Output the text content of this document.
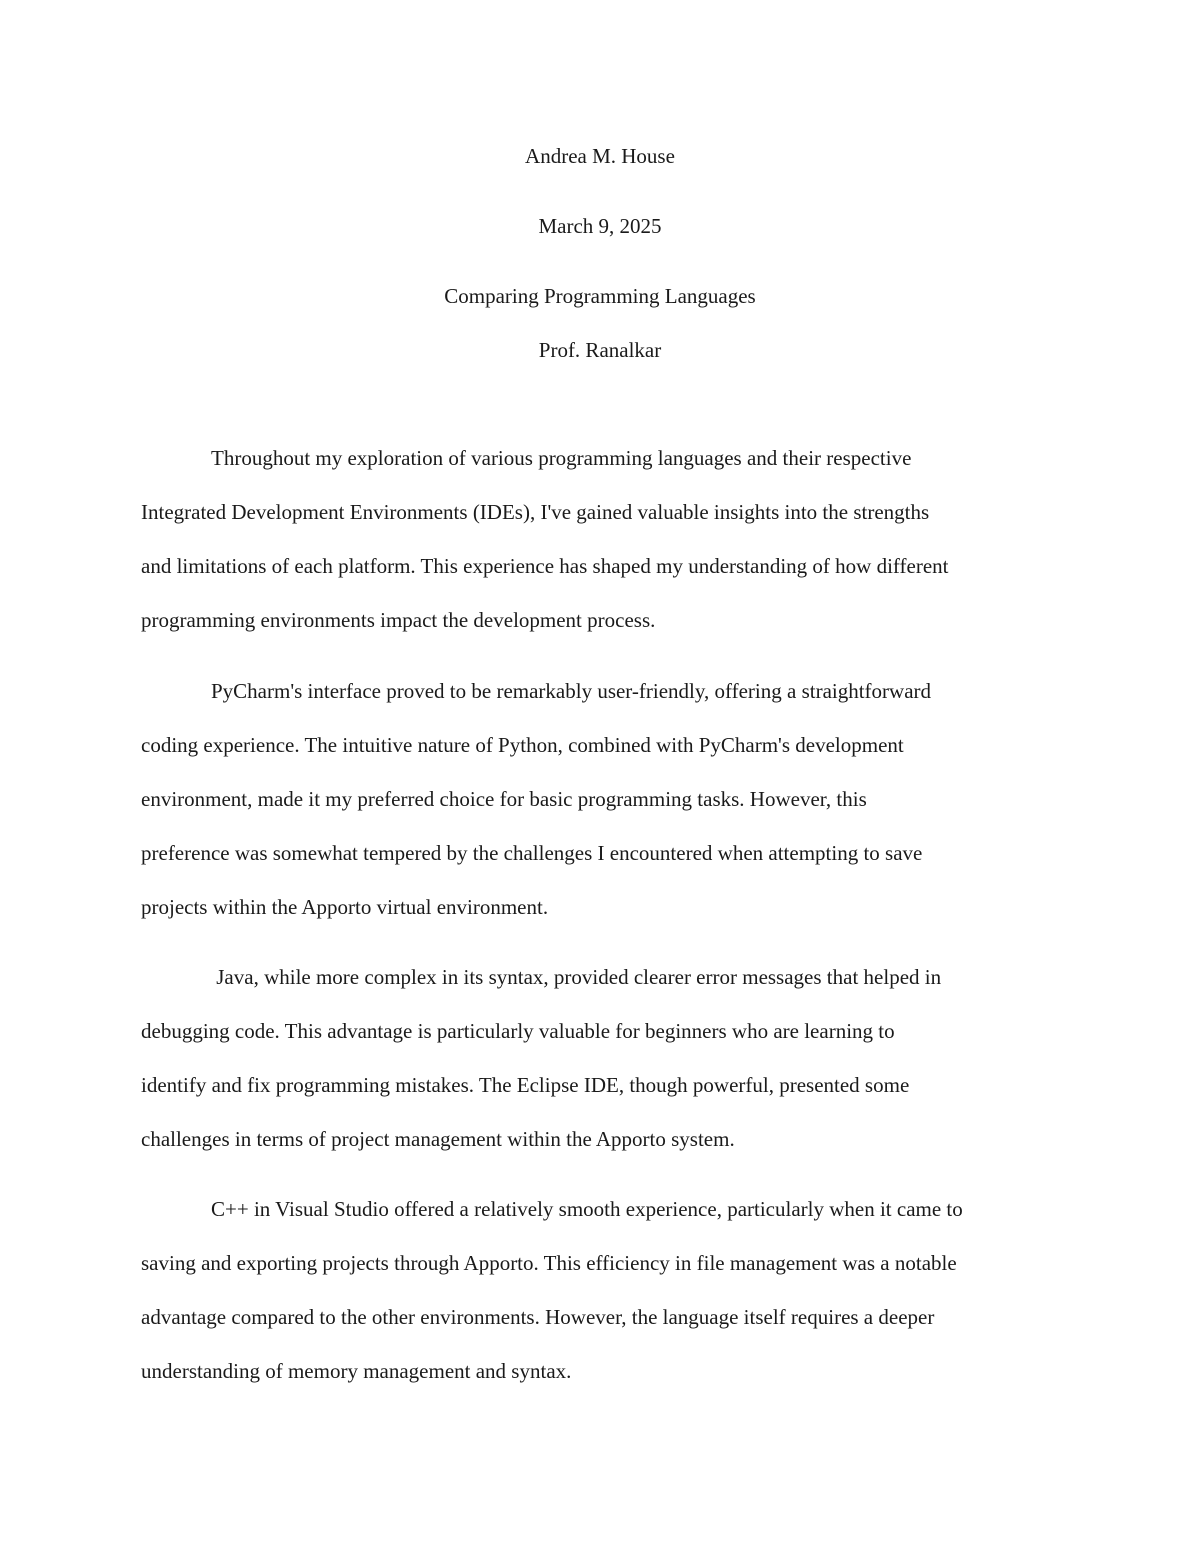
Andrea M. House
March 9, 2025
Comparing Programming Languages
Prof. Ranalkar

Throughout my exploration of various programming languages and their respective
Integrated Development Environments (IDEs), I've gained valuable insights into the strengths
and limitations of each platform. This experience has shaped my understanding of how different
programming environments impact the development process.

PyCharm's interface proved to be remarkably user-friendly, offering a straightforward
coding experience. The intuitive nature of Python, combined with PyCharm's development
environment, made it my preferred choice for basic programming tasks. However, this
preference was somewhat tempered by the challenges I encountered when attempting to save
projects within the Apporto virtual environment.

Java, while more complex in its syntax, provided clearer error messages that helped in
debugging code. This advantage is particularly valuable for beginners who are learning to
identify and fix programming mistakes. The Eclipse IDE, though powerful, presented some
challenges in terms of project management within the Apporto system.

C++ in Visual Studio offered a relatively smooth experience, particularly when it came to
saving and exporting projects through Apporto. This efficiency in file management was a notable
advantage compared to the other environments. However, the language itself requires a deeper
understanding of memory management and syntax.
